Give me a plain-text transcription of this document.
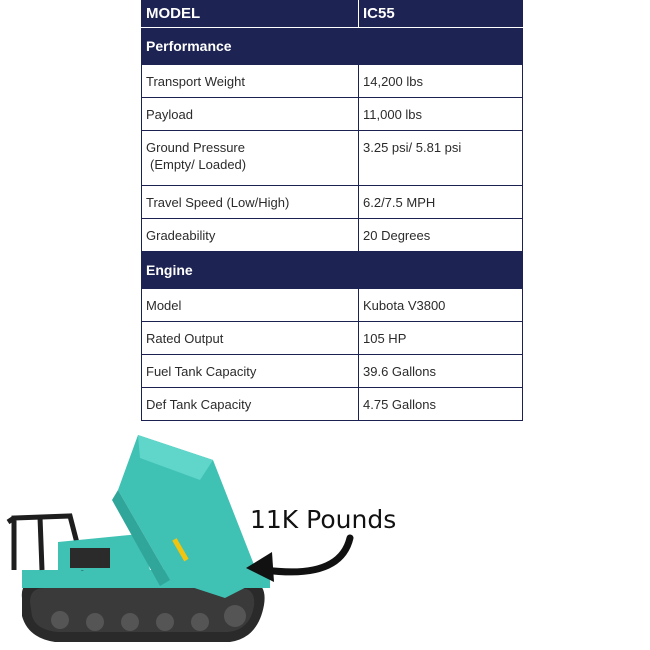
MODEL	IC55
Performance	
Transport Weight	14,200 lbs
Payload	11,000 lbs
Ground Pressure
(Empty/ Loaded)	3.25 psi/ 5.81 psi
Travel Speed (Low/High)	6.2/7.5 MPH
Gradeability	20 Degrees
Engine	
Model	Kubota V3800
Rated Output	105 HP
Fuel Tank Capacity	39.6 Gallons
Def Tank Capacity	4.75 Gallons
11K Pounds
